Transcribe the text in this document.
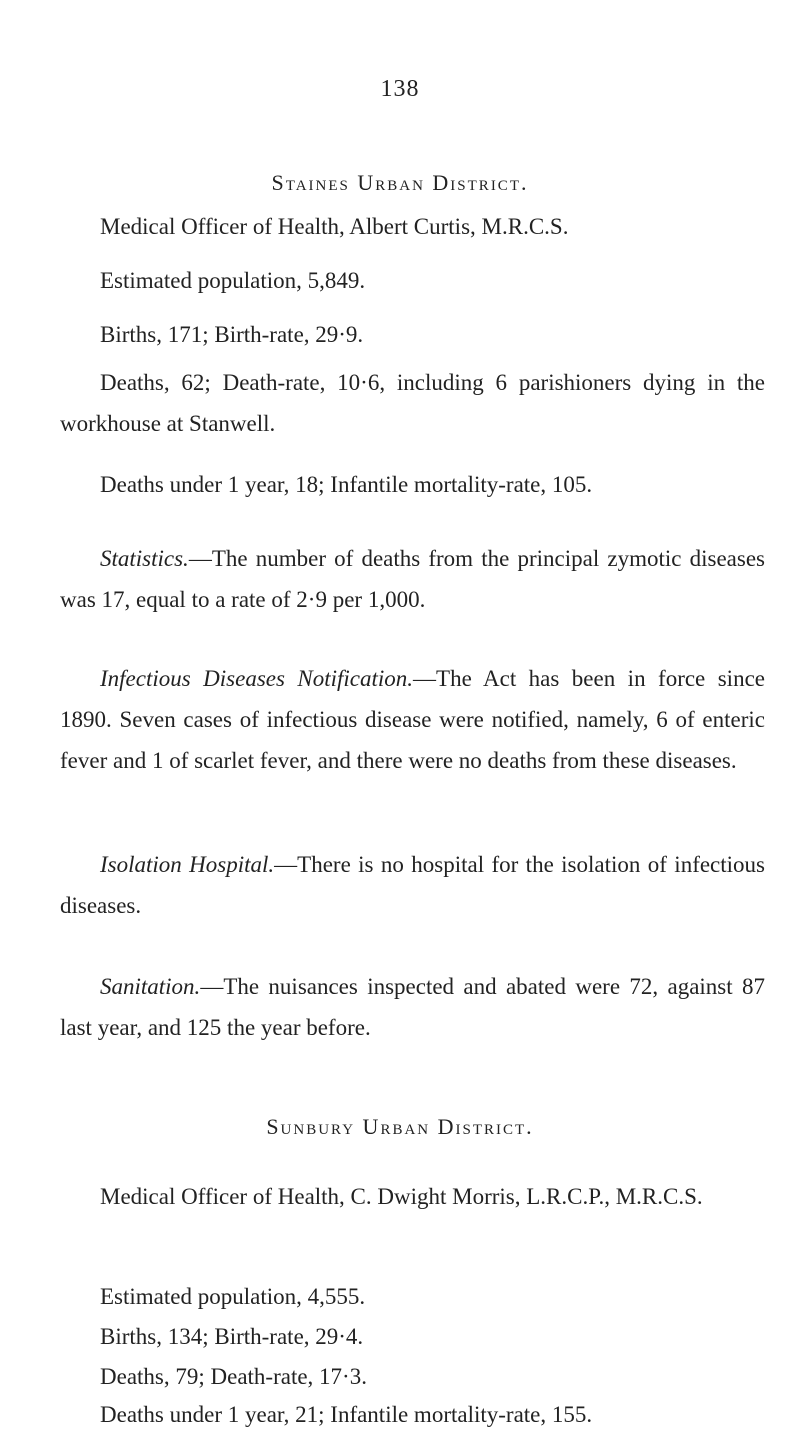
138
Staines Urban District.
Medical Officer of Health, Albert Curtis, M.R.C.S.
Estimated population, 5,849.
Births, 171; Birth-rate, 29·9.
Deaths, 62; Death-rate, 10·6, including 6 parishioners dying in the workhouse at Stanwell.
Deaths under 1 year, 18; Infantile mortality-rate, 105.
Statistics.—The number of deaths from the principal zymotic diseases was 17, equal to a rate of 2·9 per 1,000.
Infectious Diseases Notification.—The Act has been in force since 1890. Seven cases of infectious disease were notified, namely, 6 of enteric fever and 1 of scarlet fever, and there were no deaths from these diseases.
Isolation Hospital.—There is no hospital for the isolation of infectious diseases.
Sanitation.—The nuisances inspected and abated were 72, against 87 last year, and 125 the year before.
Sunbury Urban District.
Medical Officer of Health, C. Dwight Morris, L.R.C.P., M.R.C.S.
Estimated population, 4,555.
Births, 134; Birth-rate, 29·4.
Deaths, 79; Death-rate, 17·3.
Deaths under 1 year, 21; Infantile mortality-rate, 155.
